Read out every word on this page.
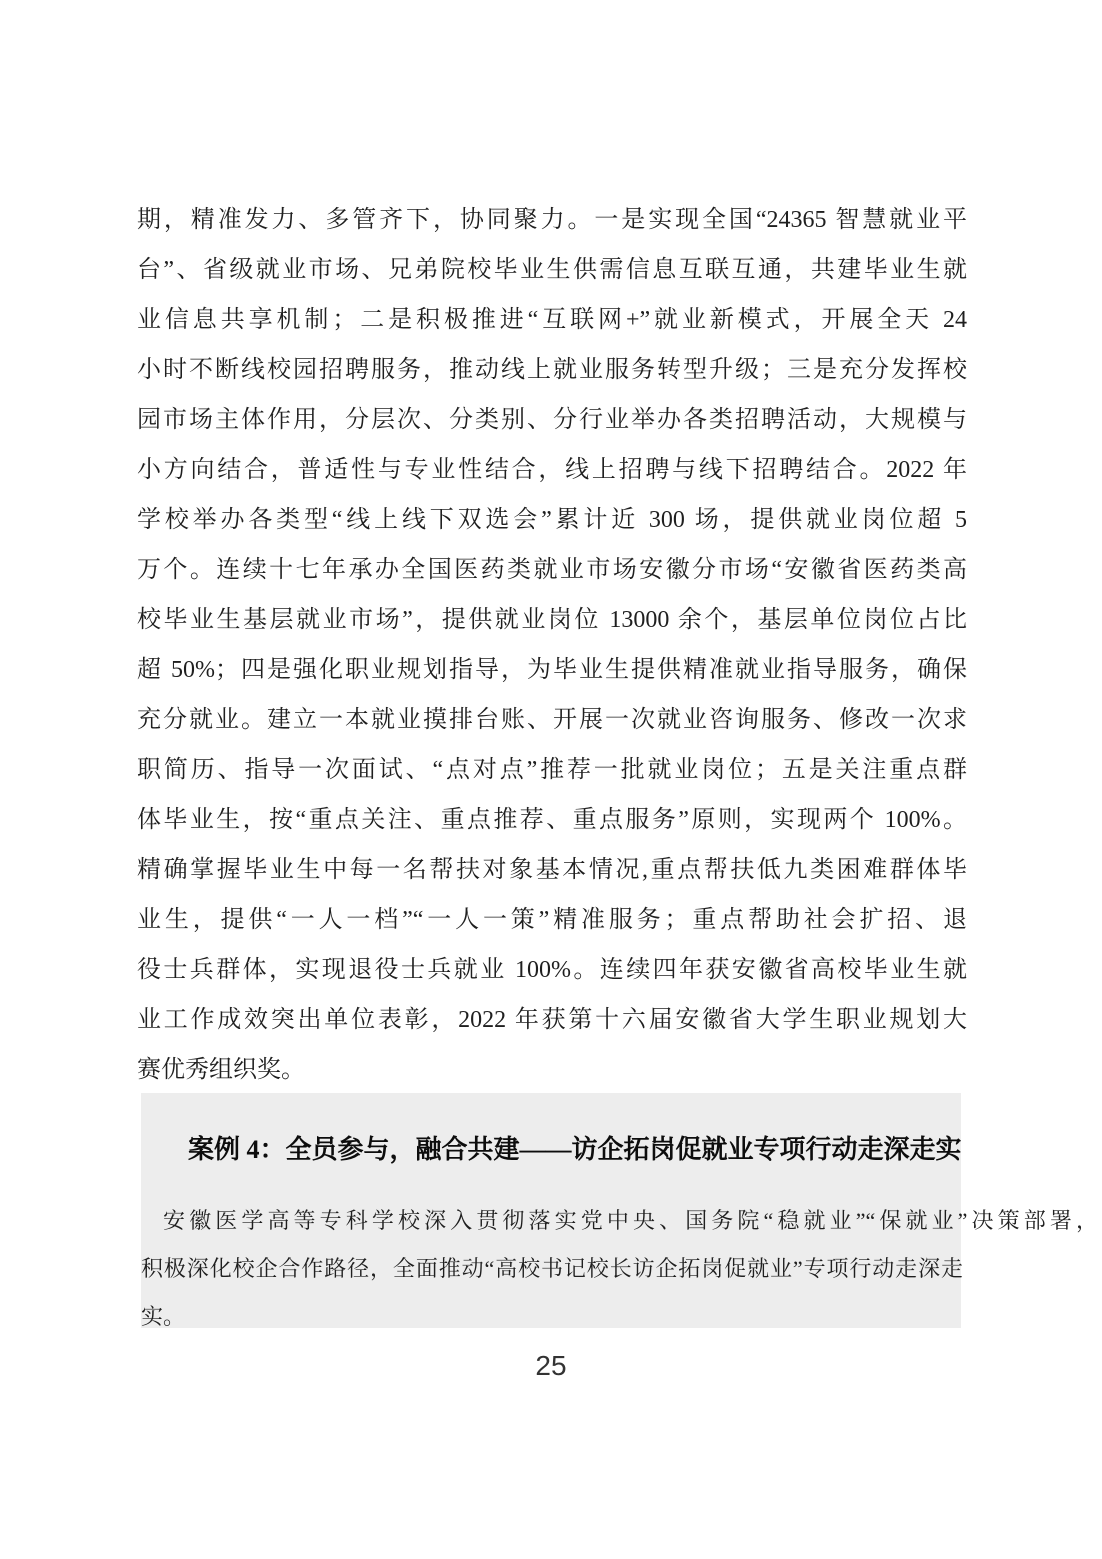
期，精准发力、多管齐下，协同聚力。一是实现全国“24365 智慧就业平
台”、省级就业市场、兄弟院校毕业生供需信息互联互通，共建毕业生就
业信息共享机制；二是积极推进“互联网+”就业新模式，开展全天 24
小时不断线校园招聘服务，推动线上就业服务转型升级；三是充分发挥校
园市场主体作用，分层次、分类别、分行业举办各类招聘活动，大规模与
小方向结合，普适性与专业性结合，线上招聘与线下招聘结合。2022 年
学校举办各类型“线上线下双选会”累计近 300 场，提供就业岗位超 5
万个。连续十七年承办全国医药类就业市场安徽分市场“安徽省医药类高
校毕业生基层就业市场”，提供就业岗位 13000 余个，基层单位岗位占比
超 50%；四是强化职业规划指导，为毕业生提供精准就业指导服务，确保
充分就业。建立一本就业摸排台账、开展一次就业咨询服务、修改一次求
职简历、指导一次面试、“点对点”推荐一批就业岗位；五是关注重点群
体毕业生，按“重点关注、重点推荐、重点服务”原则，实现两个 100%。
精确掌握毕业生中每一名帮扶对象基本情况,重点帮扶低九类困难群体毕
业生，提供“一人一档”“一人一策”精准服务；重点帮助社会扩招、退
役士兵群体，实现退役士兵就业 100%。连续四年获安徽省高校毕业生就
业工作成效突出单位表彰，2022 年获第十六届安徽省大学生职业规划大
赛优秀组织奖。
案例 4：全员参与，融合共建——访企拓岗促就业专项行动走深走实
安徽医学高等专科学校深入贯彻落实党中央、国务院“稳就业”“保就业”决策部署，
积极深化校企合作路径，全面推动“高校书记校长访企拓岗促就业”专项行动走深走
实。
25
